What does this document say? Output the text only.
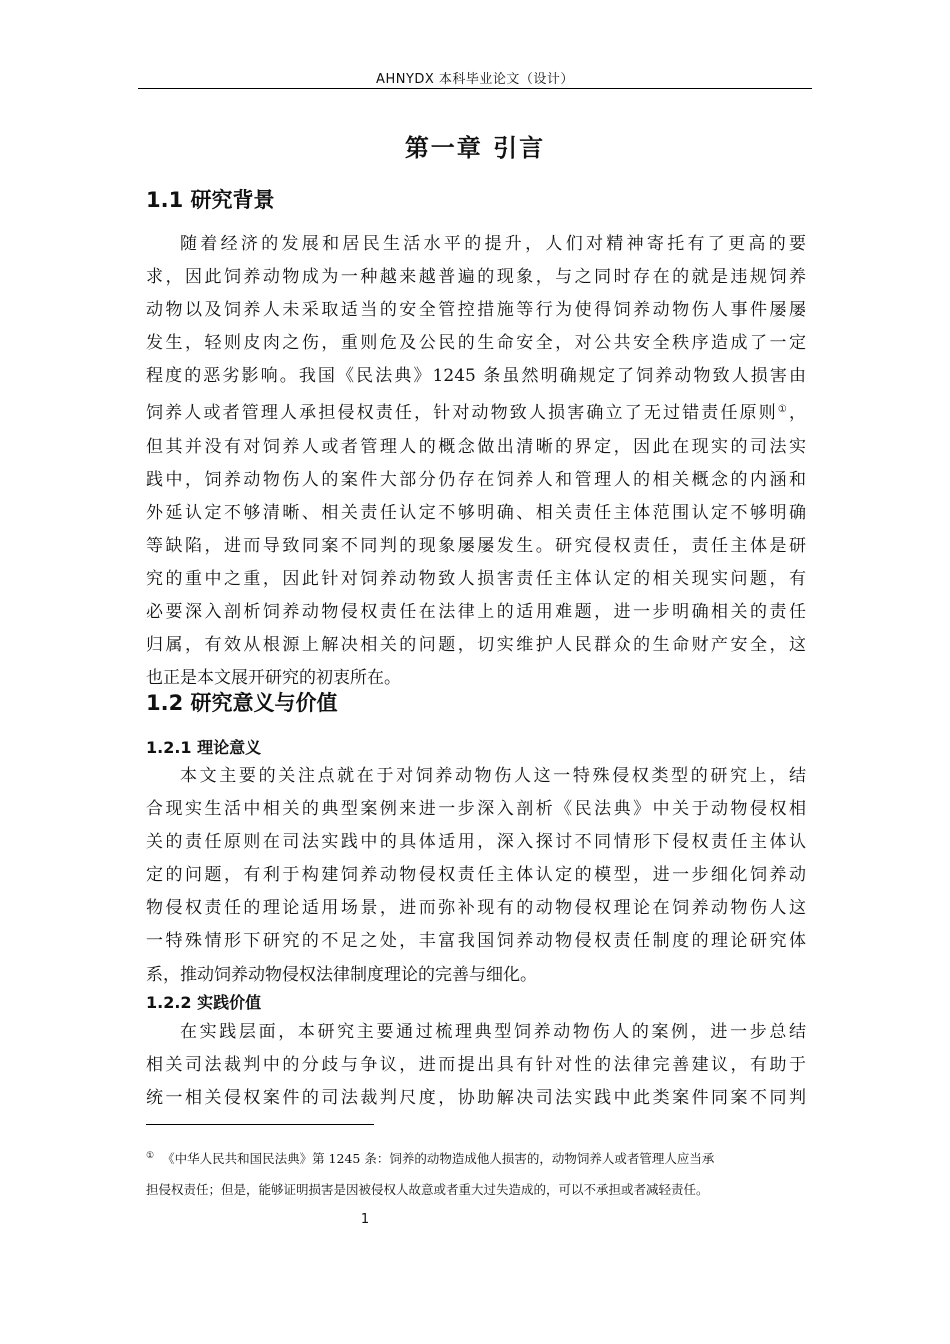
AHNYDX 本科毕业论文（设计）
第一章 引言
1.1 研究背景
随着经济的发展和居民生活水平的提升，人们对精神寄托有了更高的要
求，因此饲养动物成为一种越来越普遍的现象，与之同时存在的就是违规饲养
动物以及饲养人未采取适当的安全管控措施等行为使得饲养动物伤人事件屡屡
发生，轻则皮肉之伤，重则危及公民的生命安全，对公共安全秩序造成了一定
程度的恶劣影响。我国《民法典》1245 条虽然明确规定了饲养动物致人损害由
饲养人或者管理人承担侵权责任，针对动物致人损害确立了无过错责任原则①，
但其并没有对饲养人或者管理人的概念做出清晰的界定，因此在现实的司法实
践中，饲养动物伤人的案件大部分仍存在饲养人和管理人的相关概念的内涵和
外延认定不够清晰、相关责任认定不够明确、相关责任主体范围认定不够明确
等缺陷，进而导致同案不同判的现象屡屡发生。研究侵权责任，责任主体是研
究的重中之重，因此针对饲养动物致人损害责任主体认定的相关现实问题，有
必要深入剖析饲养动物侵权责任在法律上的适用难题，进一步明确相关的责任
归属，有效从根源上解决相关的问题，切实维护人民群众的生命财产安全，这
也正是本文展开研究的初衷所在。
1.2 研究意义与价值
1.2.1 理论意义
本文主要的关注点就在于对饲养动物伤人这一特殊侵权类型的研究上，结
合现实生活中相关的典型案例来进一步深入剖析《民法典》中关于动物侵权相
关的责任原则在司法实践中的具体适用，深入探讨不同情形下侵权责任主体认
定的问题，有利于构建饲养动物侵权责任主体认定的模型，进一步细化饲养动
物侵权责任的理论适用场景，进而弥补现有的动物侵权理论在饲养动物伤人这
一特殊情形下研究的不足之处，丰富我国饲养动物侵权责任制度的理论研究体
系，推动饲养动物侵权法律制度理论的完善与细化。
1.2.2 实践价值
在实践层面，本研究主要通过梳理典型饲养动物伤人的案例，进一步总结
相关司法裁判中的分歧与争议，进而提出具有针对性的法律完善建议，有助于
统一相关侵权案件的司法裁判尺度，协助解决司法实践中此类案件同案不同判
① 《中华人民共和国民法典》第 1245 条：饲养的动物造成他人损害的，动物饲养人或者管理人应当承
担侵权责任；但是，能够证明损害是因被侵权人故意或者重大过失造成的，可以不承担或者减轻责任。
1
